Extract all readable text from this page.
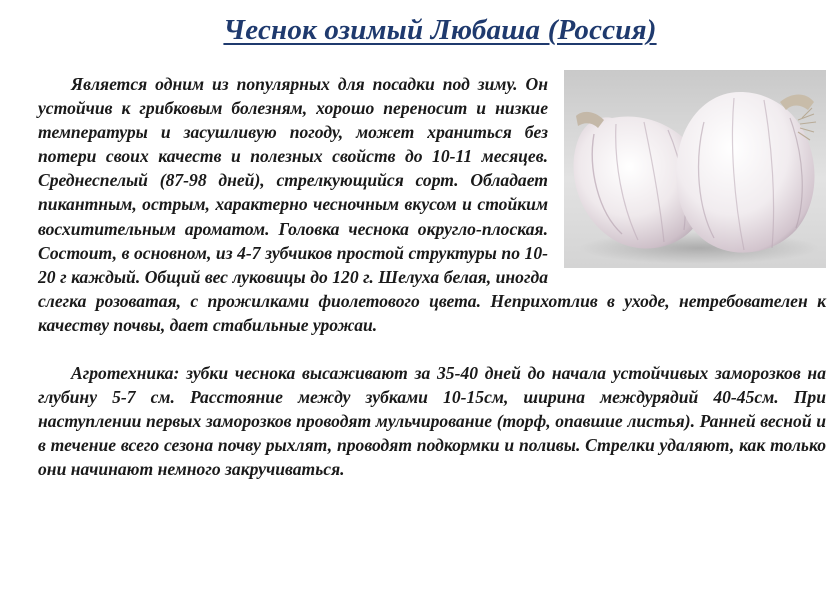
Чеснок озимый Любаша (Россия)

Является одним из популярных для посадки под зиму. Он устойчив к грибковым болезням, хорошо переносит и низкие температуры и засушливую погоду, может храниться без потери своих качеств и полезных свойств до 10-11 месяцев. Среднеспелый (87-98 дней), стрелкующийся сорт. Обладает пикантным, острым, характерно чесночным вкусом и стойким восхитительным ароматом. Головка чеснока округло-плоская. Состоит, в основном, из 4-7 зубчиков простой структуры по 10-20 г каждый. Общий вес луковицы до 120 г. Шелуха белая, иногда слегка розоватая, с прожилками фиолетового цвета. Неприхотлив в уходе, нетребователен к качеству почвы, дает стабильные урожаи.

Агротехника: зубки чеснока высаживают за 35-40 дней до начала устойчивых заморозков на глубину 5-7 см. Расстояние между зубками 10-15см, ширина междурядий 40-45см. При наступлении первых заморозков проводят мульчирование (торф, опавшие листья). Ранней весной и в течение всего сезона почву рыхлят, проводят подкормки и поливы. Стрелки удаляют, как только они начинают немного закручиваться.
